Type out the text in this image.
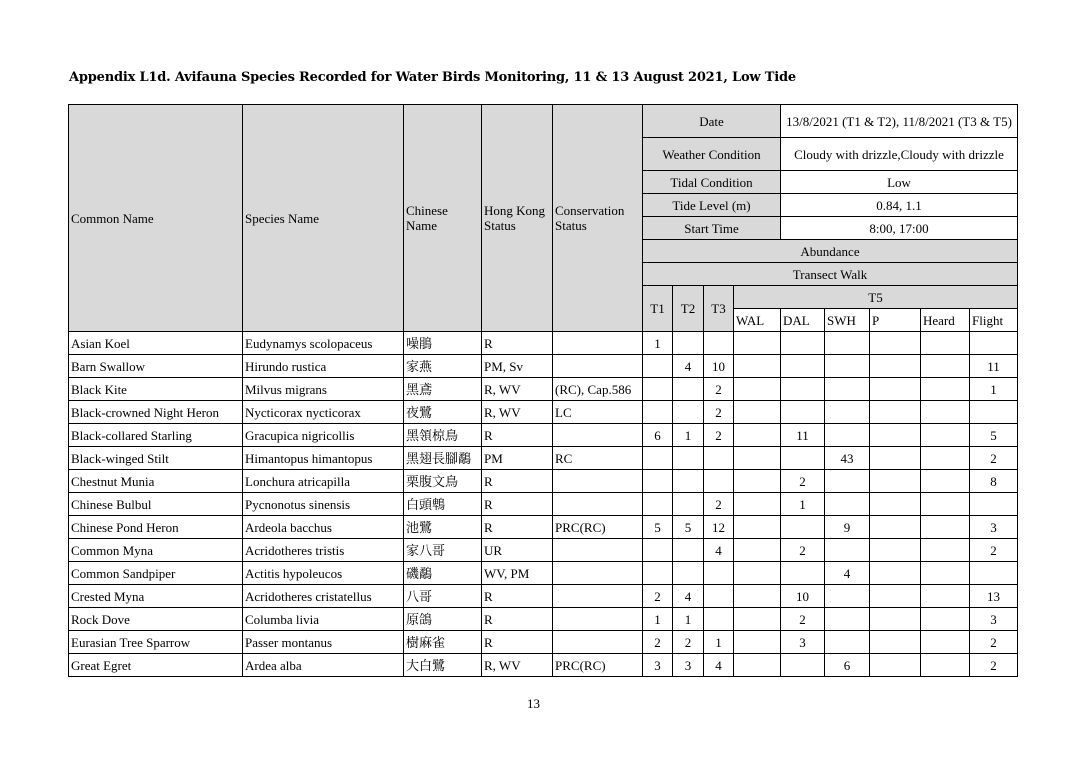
Appendix L1d. Avifauna Species Recorded for Water Birds Monitoring, 11 & 13 August 2021, Low Tide
Common Name	Species Name	Chinese Name	Hong Kong Status	Conservation Status	Date				13/8/2021 (T1 & T2), 11/8/2021 (T3 & T5)				
					Weather Condition				Cloudy with drizzle,Cloudy with drizzle				
					Tidal Condition				Low				
					Tide Level (m)				0.84, 1.1				
					Start Time				8:00, 17:00				
					Abundance								
					Transect Walk								
					T1	T2	T3	T5					
								WAL	DAL	SWH	P	Heard	Flight
Asian Koel	Eudynamys scolopaceus	噪鵑	R		1								
Barn Swallow	Hirundo rustica	家燕	PM, Sv			4	10						11
Black Kite	Milvus migrans	黑鳶	R, WV	(RC), Cap.586			2						1
Black-crowned Night Heron	Nycticorax nycticorax	夜鷺	R, WV	LC			2						
Black-collared Starling	Gracupica nigricollis	黑領椋鳥	R		6	1	2		11				5
Black-winged Stilt	Himantopus himantopus	黑翅長腳鷸	PM	RC						43			2
Chestnut Munia	Lonchura atricapilla	栗腹文鳥	R						2				8
Chinese Bulbul	Pycnonotus sinensis	白頭鵯	R				2		1				
Chinese Pond Heron	Ardeola bacchus	池鷺	R	PRC(RC)	5	5	12			9			3
Common Myna	Acridotheres tristis	家八哥	UR				4		2				2
Common Sandpiper	Actitis hypoleucos	磯鷸	WV, PM							4			
Crested Myna	Acridotheres cristatellus	八哥	R		2	4			10				13
Rock Dove	Columba livia	原鴿	R		1	1			2				3
Eurasian Tree Sparrow	Passer montanus	樹麻雀	R		2	2	1		3				2
Great Egret	Ardea alba	大白鷺	R, WV	PRC(RC)	3	3	4			6			2
13
